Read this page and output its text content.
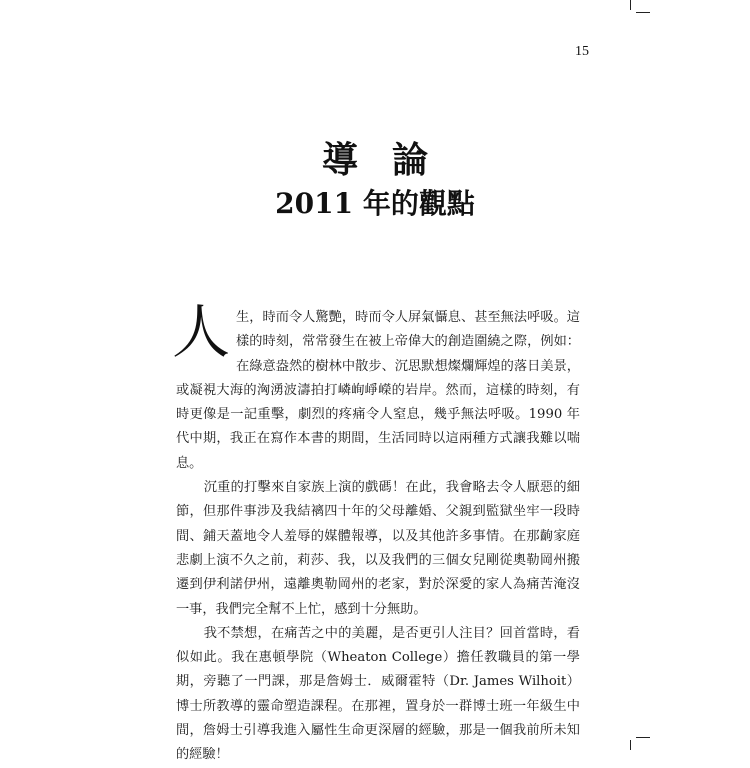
15
導論
2011 年的觀點

人生，時而令人驚艷，時而令人屏氣懾息、甚至無法呼吸。這樣的時刻，常常發生在被上帝偉大的創造圍繞之際，例如：在綠意盎然的樹林中散步、沉思默想燦爛輝煌的落日美景，或凝視大海的洶湧波濤拍打嶙峋崢嶸的岩岸。然而，這樣的時刻，有時更像是一記重擊，劇烈的疼痛令人窒息，幾乎無法呼吸。1990 年代中期，我正在寫作本書的期間，生活同時以這兩種方式讓我難以喘息。

沉重的打擊來自家族上演的戲碼！在此，我會略去令人厭惡的細節，但那件事涉及我結褵四十年的父母離婚、父親到監獄坐牢一段時間、鋪天蓋地令人羞辱的媒體報導，以及其他許多事情。在那齣家庭悲劇上演不久之前，莉莎、我，以及我們的三個女兒剛從奧勒岡州搬遷到伊利諾伊州，遠離奧勒岡州的老家，對於深愛的家人為痛苦淹沒一事，我們完全幫不上忙，感到十分無助。

我不禁想，在痛苦之中的美麗，是否更引人注目？回首當時，看似如此。我在惠頓學院（Wheaton College）擔任教職員的第一學期，旁聽了一門課，那是詹姆士．威爾霍特（Dr. James Wilhoit）博士所教導的靈命塑造課程。在那裡，置身於一群博士班一年級生中間，詹姆士引導我進入屬性生命更深層的經驗，那是一個我前所未知的經驗！
